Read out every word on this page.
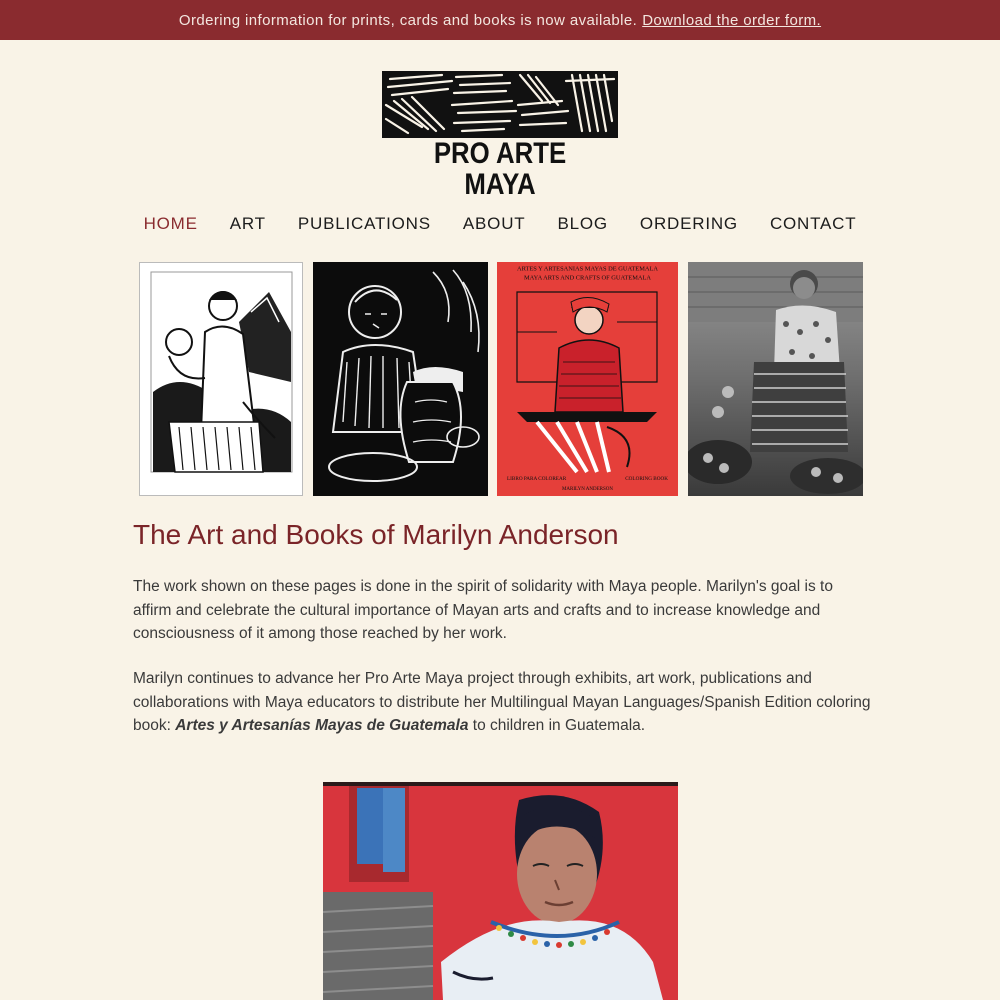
Ordering information for prints, cards and books is now available. Download the order form.
PRO ARTE MAYA
HOME ART PUBLICATIONS ABOUT BLOG ORDERING CONTACT
ARTES Y ARTESANIAS MAYAS DE GUATEMALA
MAYA ARTS AND CRAFTS OF GUATEMALA
LIBRO PARA COLOREAR	COLORING BOOK
MARILYN ANDERSON
The Art and Books of Marilyn Anderson

The work shown on these pages is done in the spirit of solidarity with Maya people. Marilyn's goal is to affirm and celebrate the cultural importance of Mayan arts and crafts and to increase knowledge and consciousness of it among those reached by her work.

Marilyn continues to advance her Pro Arte Maya project through exhibits, art work, publications and collaborations with Maya educators to distribute her Multilingual Mayan Languages/Spanish Edition coloring book: Artes y Artesanías Mayas de Guatemala to children in Guatemala.
